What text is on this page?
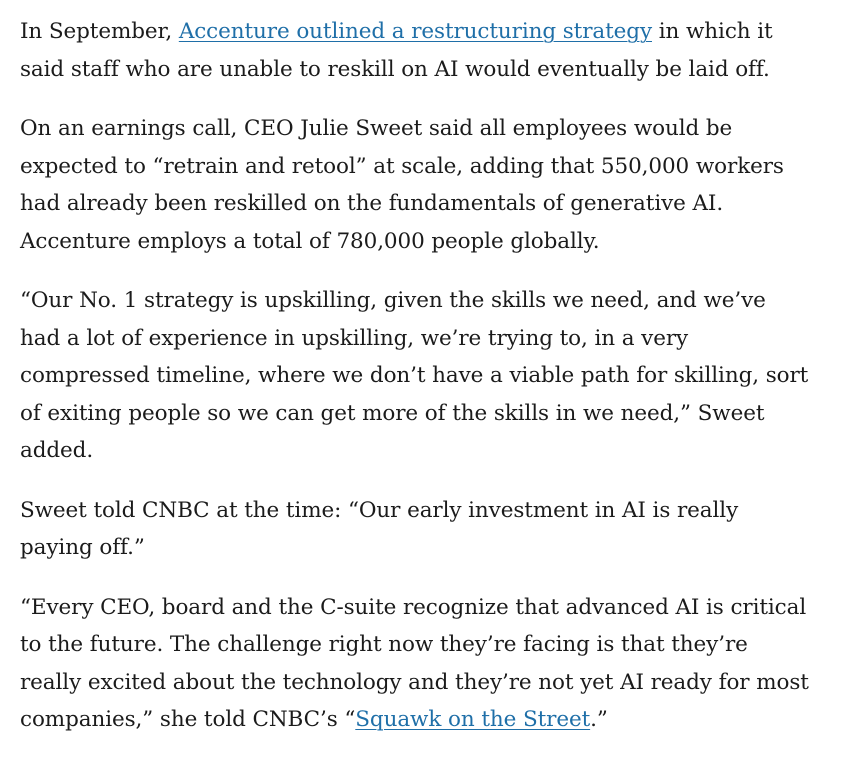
In September, Accenture outlined a restructuring strategy in which it said staff who are unable to reskill on AI would eventually be laid off.

On an earnings call, CEO Julie Sweet said all employees would be expected to “retrain and retool” at scale, adding that 550,000 workers had already been reskilled on the fundamentals of generative AI. Accenture employs a total of 780,000 people globally.

“Our No. 1 strategy is upskilling, given the skills we need, and we’ve had a lot of experience in upskilling, we’re trying to, in a very compressed timeline, where we don’t have a viable path for skilling, sort of exiting people so we can get more of the skills in we need,” Sweet added.

Sweet told CNBC at the time: “Our early investment in AI is really paying off.”

“Every CEO, board and the C-suite recognize that advanced AI is critical to the future. The challenge right now they’re facing is that they’re really excited about the technology and they’re not yet AI ready for most companies,” she told CNBC’s “Squawk on the Street.”
